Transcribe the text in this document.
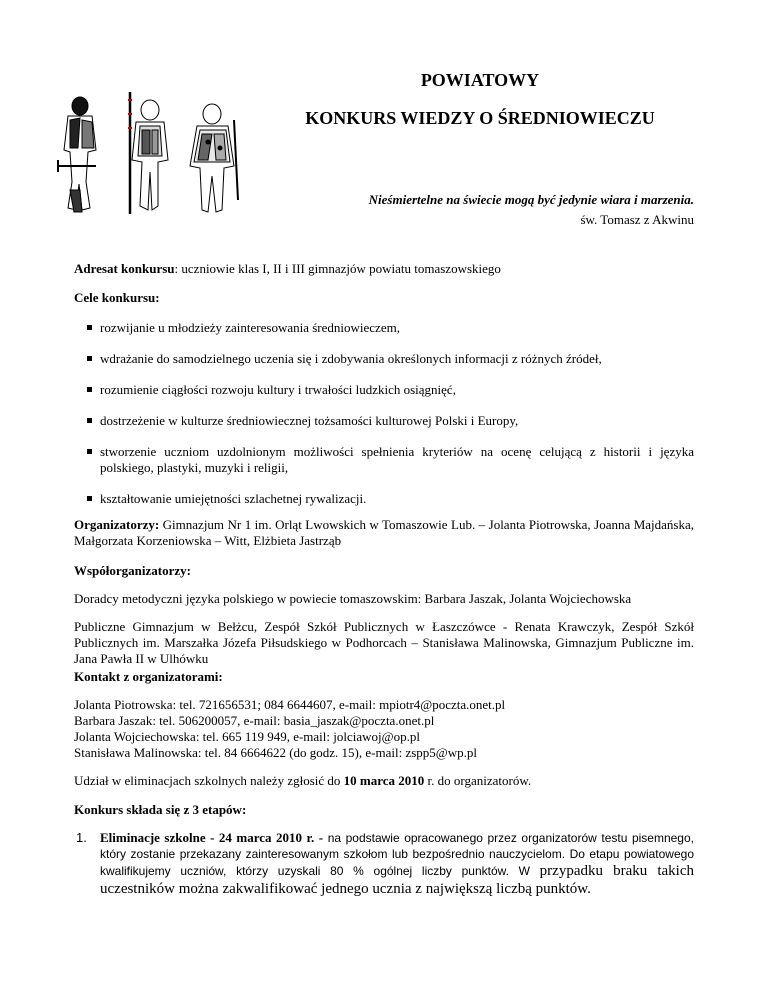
POWIATOWY
KONKURS WIEDZY O ŚREDNIOWIECZU
Nieśmiertelne na świecie mogą być jedynie wiara i marzenia.
św. Tomasz z Akwinu

Adresat konkursu: uczniowie klas I, II i III gimnazjów powiatu tomaszowskiego

Cele konkursu:

rozwijanie u młodzieży zainteresowania średniowieczem,
wdrażanie do samodzielnego uczenia się i zdobywania określonych informacji z różnych źródeł,
rozumienie ciągłości rozwoju kultury i trwałości ludzkich osiągnięć,
dostrzeżenie w kulturze średniowiecznej tożsamości kulturowej Polski i Europy,
stworzenie uczniom uzdolnionym możliwości spełnienia kryteriów na ocenę celującą z historii i języka polskiego, plastyki, muzyki i religii,
kształtowanie umiejętności szlachetnej rywalizacji.

Organizatorzy: Gimnazjum Nr 1 im. Orląt Lwowskich w Tomaszowie Lub. – Jolanta Piotrowska, Joanna Majdańska, Małgorzata Korzeniowska – Witt, Elżbieta Jastrząb

Współorganizatorzy:

Doradcy metodyczni języka polskiego w powiecie tomaszowskim: Barbara Jaszak, Jolanta Wojciechowska

Publiczne Gimnazjum w Bełżcu, Zespół Szkół Publicznych w Łaszczówce - Renata Krawczyk, Zespół Szkół Publicznych im. Marszałka Józefa Piłsudskiego w Podhorcach – Stanisława Malinowska, Gimnazjum Publiczne im. Jana Pawła II w Ulhówku

Kontakt z organizatorami:

Jolanta Piotrowska: tel. 721656531; 084 6644607, e-mail: mpiotr4@poczta.onet.pl

Barbara Jaszak: tel. 506200057, e-mail: basia_jaszak@poczta.onet.pl

Jolanta Wojciechowska: tel. 665 119 949, e-mail: jolciawoj@op.pl

Stanisława Malinowska: tel. 84 6664622 (do godz. 15), e-mail: zspp5@wp.pl

Udział w eliminacjach szkolnych należy zgłosić do 10 marca 2010 r. do organizatorów.

Konkurs składa się z 3 etapów:

1. Eliminacje szkolne - 24 marca 2010 r. - na podstawie opracowanego przez organizatorów testu pisemnego, który zostanie przekazany zainteresowanym szkołom lub bezpośrednio nauczycielom. Do etapu powiatowego kwalifikujemy uczniów, którzy uzyskali 80 % ogólnej liczby punktów. W przypadku braku takich uczestników można zakwalifikować jednego ucznia z największą liczbą punktów.
